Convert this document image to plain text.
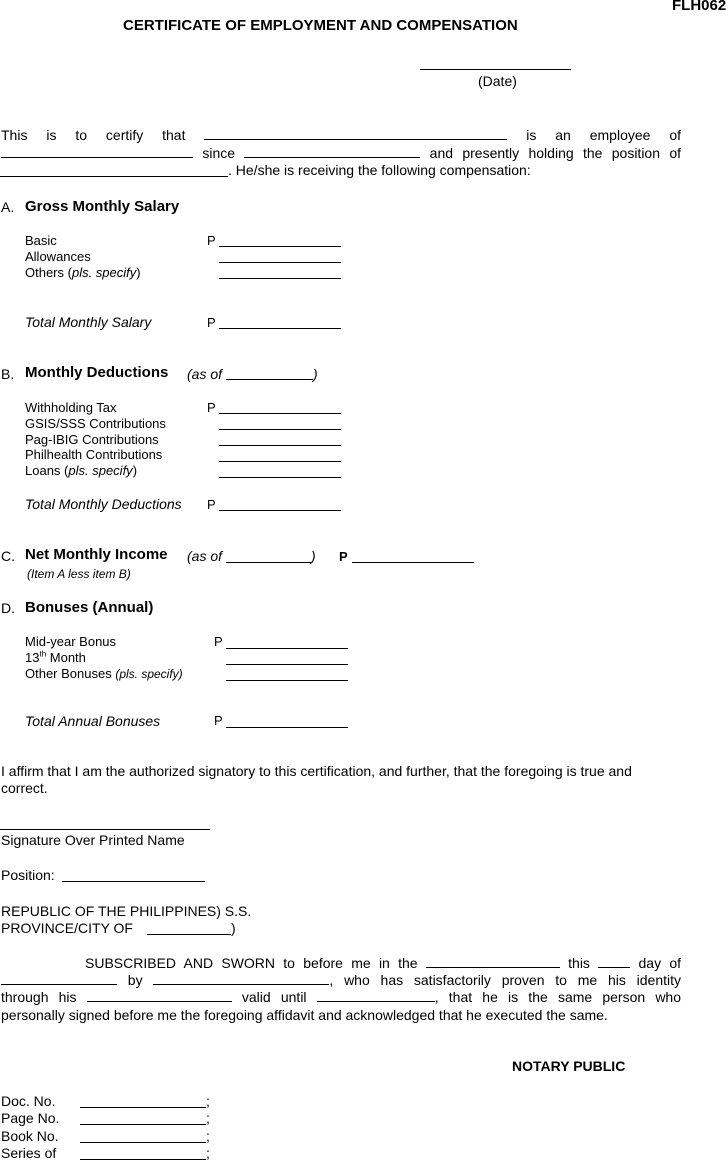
FLH062
CERTIFICATE OF EMPLOYMENT AND COMPENSATION
(Date)
This is to certify that	is an employee of
since	and presently holding the position of
. He/she is receiving the following compensation:
A. Gross Monthly Salary
Basic	P
Allowances
Others (pls. specify)
Total Monthly Salary	P
B. Monthly Deductions (as of	)
Withholding Tax	P
GSIS/SSS Contributions
Pag-IBIG Contributions
Philhealth Contributions
Loans (pls. specify)
Total Monthly Deductions P
C. Net Monthly Income (as of	) P
(Item A less item B)
D. Bonuses (Annual)
Mid-year Bonus	P
13th Month
Other Bonuses (pls. specify)
Total Annual Bonuses	P
I affirm that I am the authorized signatory to this certification, and further, that the foregoing is true and
correct.
Signature Over Printed Name
Position:
REPUBLIC OF THE PHILIPPINES) S.S.
PROVINCE/CITY OF	)
SUBSCRIBED AND SWORN to before me in the	this	day of
by	, who has satisfactorily proven to me his identity
through his	valid until	, that he is the same person who
personally signed before me the foregoing affidavit and acknowledged that he executed the same.
NOTARY PUBLIC
Doc. No.	;
Page No.	;
Book No.	;
Series of	;
